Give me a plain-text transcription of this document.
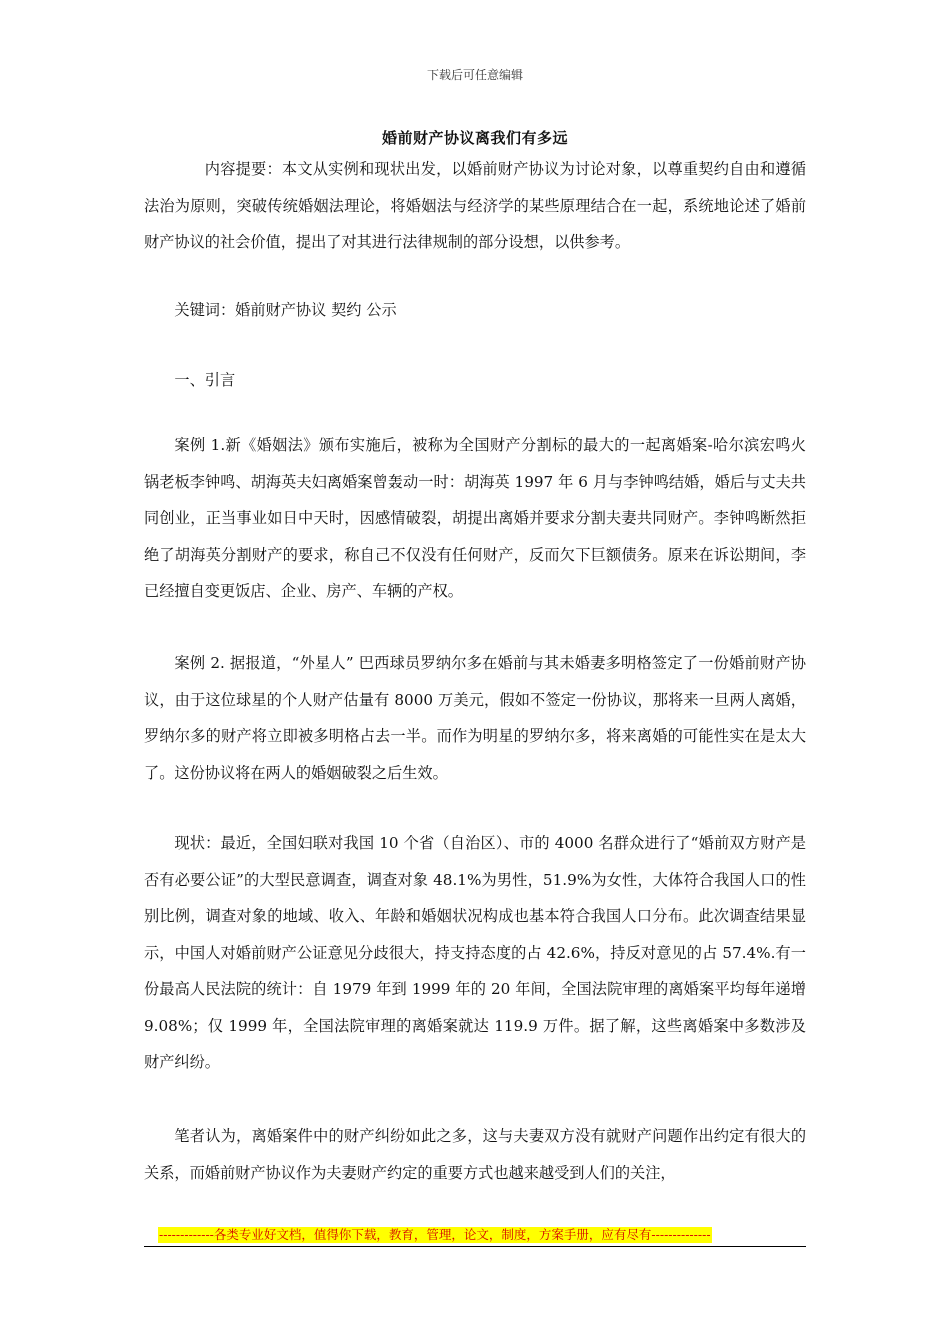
下载后可任意编辑
婚前财产协议离我们有多远

内容提要：本文从实例和现状出发，以婚前财产协议为讨论对象，以尊重契约自由和遵循法治为原则，突破传统婚姻法理论，将婚姻法与经济学的某些原理结合在一起，系统地论述了婚前财产协议的社会价值，提出了对其进行法律规制的部分设想，以供参考。

关键词：婚前财产协议 契约 公示

一、引言

案例 1.新《婚姻法》颁布实施后，被称为全国财产分割标的最大的一起离婚案-哈尔滨宏鸣火锅老板李钟鸣、胡海英夫妇离婚案曾轰动一时：胡海英 1997 年 6 月与李钟鸣结婚，婚后与丈夫共同创业，正当事业如日中天时，因感情破裂，胡提出离婚并要求分割夫妻共同财产。李钟鸣断然拒绝了胡海英分割财产的要求，称自己不仅没有任何财产，反而欠下巨额债务。原来在诉讼期间，李已经擅自变更饭店、企业、房产、车辆的产权。

案例 2. 据报道，“外星人” 巴西球员罗纳尔多在婚前与其未婚妻多明格签定了一份婚前财产协议，由于这位球星的个人财产估量有 8000 万美元，假如不签定一份协议，那将来一旦两人离婚，罗纳尔多的财产将立即被多明格占去一半。而作为明星的罗纳尔多，将来离婚的可能性实在是太大了。这份协议将在两人的婚姻破裂之后生效。

现状：最近，全国妇联对我国 10 个省（自治区）、市的 4000 名群众进行了“婚前双方财产是否有必要公证”的大型民意调查，调查对象 48.1%为男性，51.9%为女性，大体符合我国人口的性别比例，调查对象的地域、收入、年龄和婚姻状况构成也基本符合我国人口分布。此次调查结果显示，中国人对婚前财产公证意见分歧很大，持支持态度的占 42.6%，持反对意见的占 57.4%.有一份最高人民法院的统计：自 1979 年到 1999 年的 20 年间，全国法院审理的离婚案平均每年递增 9.08%；仅 1999 年，全国法院审理的离婚案就达 119.9 万件。据了解，这些离婚案中多数涉及财产纠纷。

笔者认为，离婚案件中的财产纠纷如此之多，这与夫妻双方没有就财产问题作出约定有很大的关系，而婚前财产协议作为夫妻财产约定的重要方式也越来越受到人们的关注，

-------------各类专业好文档，值得你下载，教育，管理，论文，制度，方案手册，应有尽有--------------
